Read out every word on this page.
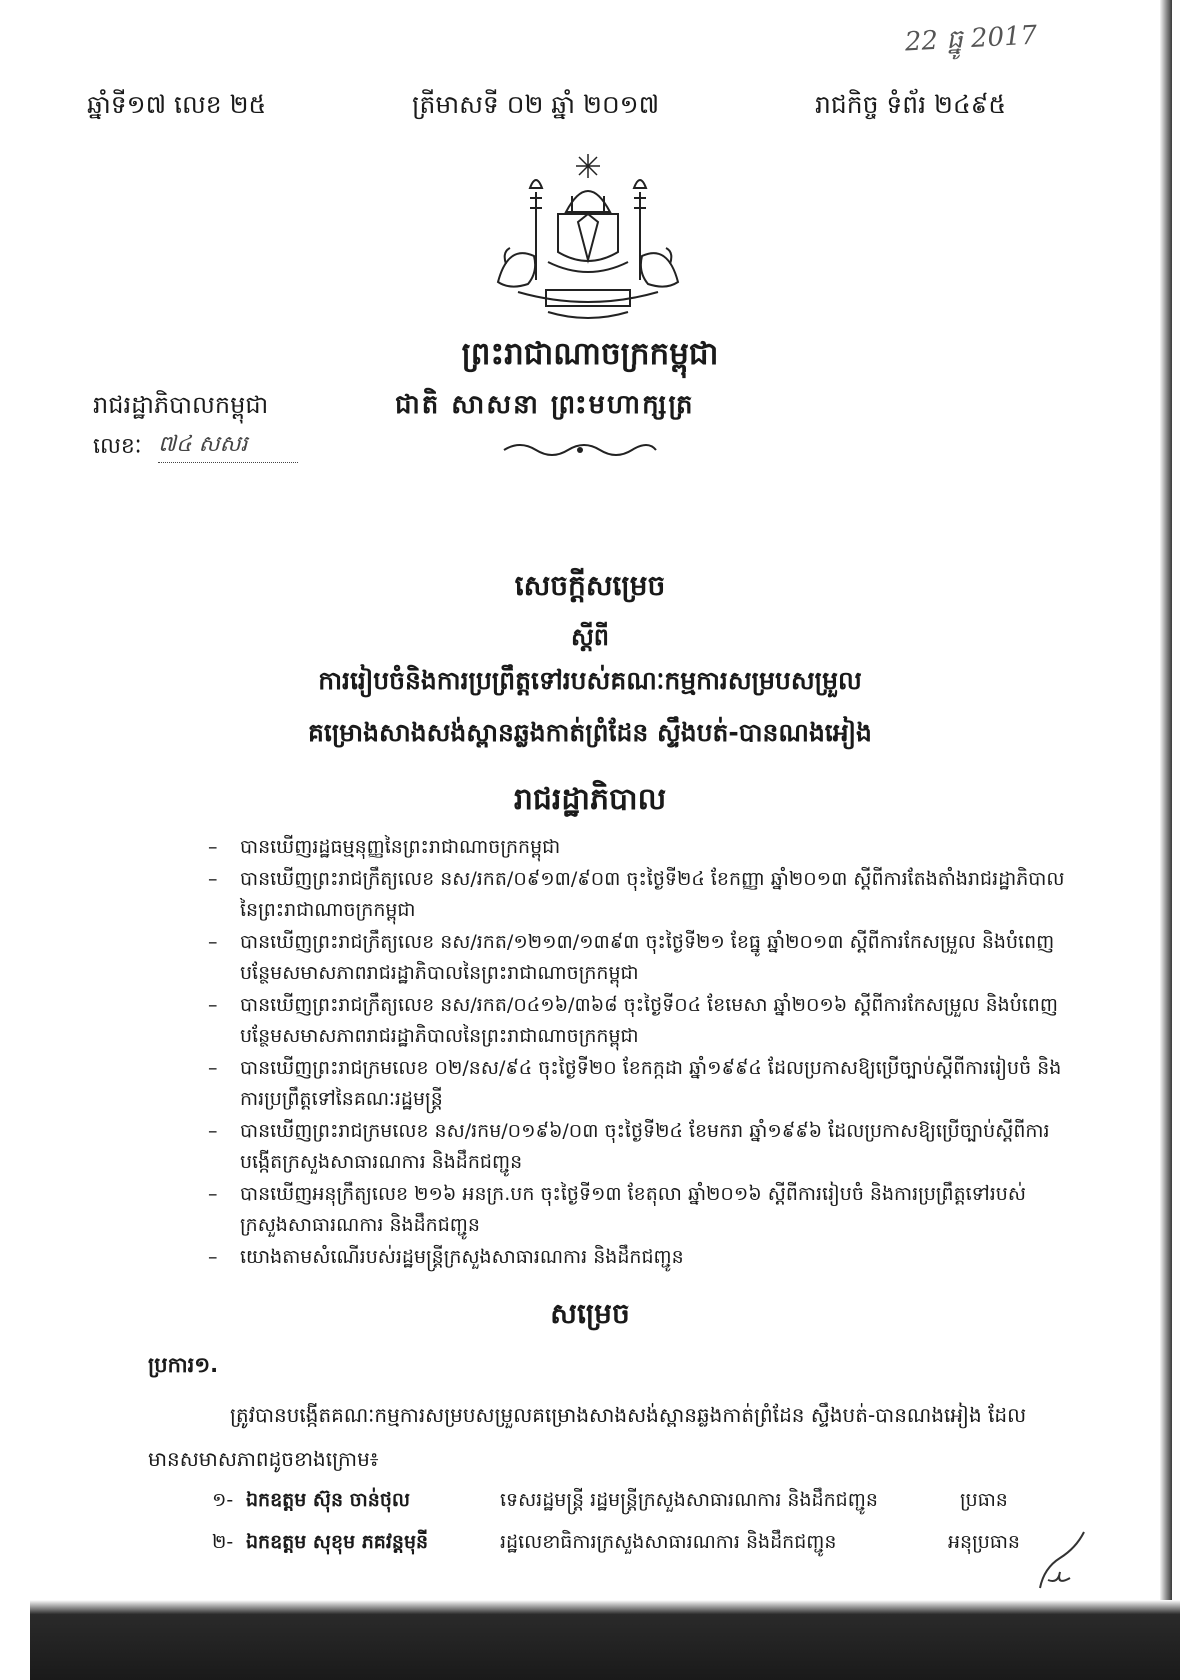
22 ធ្នូ 2017
ឆ្នាំទី១៧ លេខ ២៥	ត្រីមាសទី ០២ ឆ្នាំ ២០១៧	រាជកិច្ច ទំព័រ ២៤៩៥
ព្រះរាជាណាចក្រកម្ពុជា
រាជរដ្ឋាភិបាលកម្ពុជា	ជាតិ សាសនា ព្រះមហាក្សត្រ
លេខៈ ៧៤ សសរ
សេចក្តីសម្រេច
ស្តីពី
ការរៀបចំនិងការប្រព្រឹត្តទៅរបស់គណៈកម្មការសម្របសម្រួល
គម្រោងសាងសង់ស្ពានឆ្លងកាត់ព្រំដែន ស្ទឹងបត់-បានណងអៀង
រាជរដ្ឋាភិបាល
– បានឃើញរដ្ឋធម្មនុញ្ញនៃព្រះរាជាណាចក្រកម្ពុជា
– បានឃើញព្រះរាជក្រឹត្យលេខ នស/រកត/០៩១៣/៩០៣ ចុះថ្ងៃទី២៤ ខែកញ្ញា ឆ្នាំ២០១៣ ស្តីពីការតែងតាំងរាជរដ្ឋាភិបាលនៃព្រះរាជាណាចក្រកម្ពុជា
– បានឃើញព្រះរាជក្រឹត្យលេខ នស/រកត/១២១៣/១៣៩៣ ចុះថ្ងៃទី២១ ខែធ្នូ ឆ្នាំ២០១៣ ស្តីពីការកែសម្រួល និងបំពេញបន្ថែមសមាសភាពរាជរដ្ឋាភិបាលនៃព្រះរាជាណាចក្រកម្ពុជា
– បានឃើញព្រះរាជក្រឹត្យលេខ នស/រកត/០៤១៦/៣៦៨ ចុះថ្ងៃទី០៤ ខែមេសា ឆ្នាំ២០១៦ ស្តីពីការកែសម្រួល និងបំពេញបន្ថែមសមាសភាពរាជរដ្ឋាភិបាលនៃព្រះរាជាណាចក្រកម្ពុជា
– បានឃើញព្រះរាជក្រមលេខ ០២/នស/៩៤ ចុះថ្ងៃទី២០ ខែកក្កដា ឆ្នាំ១៩៩៤ ដែលប្រកាសឱ្យប្រើច្បាប់ស្តីពីការរៀបចំ និងការប្រព្រឹត្តទៅនៃគណៈរដ្ឋមន្ត្រី
– បានឃើញព្រះរាជក្រមលេខ នស/រកម/០១៩៦/០៣ ចុះថ្ងៃទី២៤ ខែមករា ឆ្នាំ១៩៩៦ ដែលប្រកាសឱ្យប្រើច្បាប់ស្តីពីការបង្កើតក្រសួងសាធារណការ និងដឹកជញ្ជូន
– បានឃើញអនុក្រឹត្យលេខ ២១៦ អនក្រ.បក ចុះថ្ងៃទី១៣ ខែតុលា ឆ្នាំ២០១៦ ស្តីពីការរៀបចំ និងការប្រព្រឹត្តទៅរបស់ក្រសួងសាធារណការ និងដឹកជញ្ជូន
– យោងតាមសំណើរបស់រដ្ឋមន្ត្រីក្រសួងសាធារណការ និងដឹកជញ្ជូន
សម្រេច
ប្រការ១.
ត្រូវបានបង្កើតគណៈកម្មការសម្របសម្រួលគម្រោងសាងសង់ស្ពានឆ្លងកាត់ព្រំដែន ស្ទឹងបត់-បានណងអៀង ដែលមានសមាសភាពដូចខាងក្រោម៖
១- ឯកឧត្តម ស៊ុន ចាន់ថុល	ទេសរដ្ឋមន្ត្រី រដ្ឋមន្ត្រីក្រសួងសាធារណការ និងដឹកជញ្ជូន	ប្រធាន
២- ឯកឧត្តម សុខុម ភគវន្តមុនី	រដ្ឋលេខាធិការក្រសួងសាធារណការ និងដឹកជញ្ជូន	អនុប្រធាន
